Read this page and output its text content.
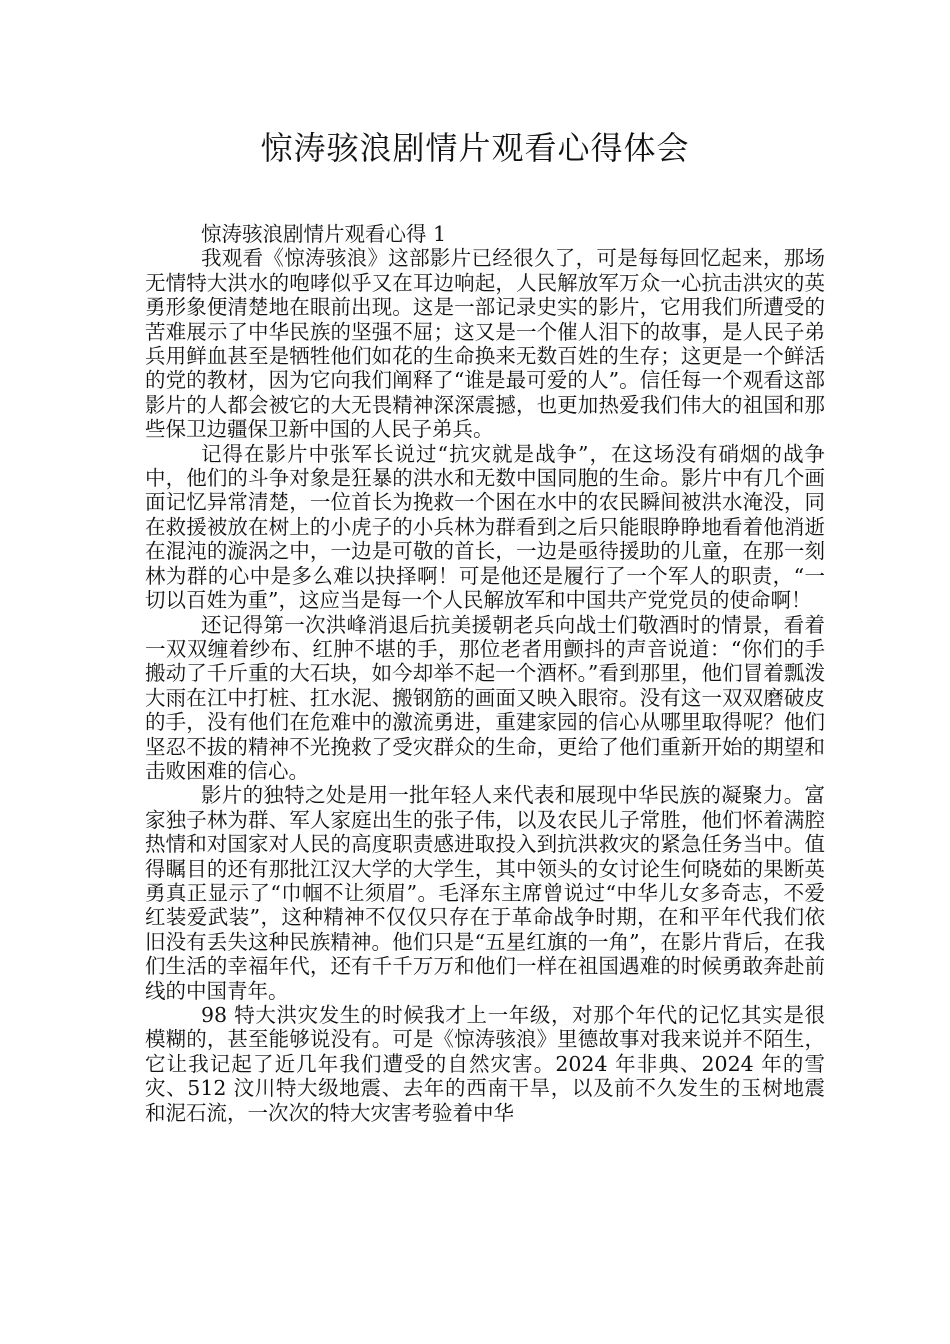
惊涛骇浪剧情片观看心得体会

惊涛骇浪剧情片观看心得 1

我观看《惊涛骇浪》这部影片已经很久了，可是每每回忆起来，那场无情特大洪水的咆哮似乎又在耳边响起，人民解放军万众一心抗击洪灾的英勇形象便清楚地在眼前出现。这是一部记录史实的影片，它用我们所遭受的苦难展示了中华民族的坚强不屈；这又是一个催人泪下的故事，是人民子弟兵用鲜血甚至是牺牲他们如花的生命换来无数百姓的生存；这更是一个鲜活的党的教材，因为它向我们阐释了“谁是最可爱的人”。信任每一个观看这部影片的人都会被它的大无畏精神深深震撼，也更加热爱我们伟大的祖国和那些保卫边疆保卫新中国的人民子弟兵。

记得在影片中张军长说过“抗灾就是战争”，在这场没有硝烟的战争中，他们的斗争对象是狂暴的洪水和无数中国同胞的生命。影片中有几个画面记忆异常清楚，一位首长为挽救一个困在水中的农民瞬间被洪水淹没，同在救援被放在树上的小虎子的小兵林为群看到之后只能眼睁睁地看着他消逝在混沌的漩涡之中，一边是可敬的首长，一边是亟待援助的儿童，在那一刻林为群的心中是多么难以抉择啊！可是他还是履行了一个军人的职责，“一切以百姓为重”，这应当是每一个人民解放军和中国共产党党员的使命啊！

还记得第一次洪峰消退后抗美援朝老兵向战士们敬酒时的情景，看着一双双缠着纱布、红肿不堪的手，那位老者用颤抖的声音说道：“你们的手搬动了千斤重的大石块，如今却举不起一个酒杯。”看到那里，他们冒着瓢泼大雨在江中打桩、扛水泥、搬钢筋的画面又映入眼帘。没有这一双双磨破皮的手，没有他们在危难中的激流勇进，重建家园的信心从哪里取得呢？他们坚忍不拔的精神不光挽救了受灾群众的生命，更给了他们重新开始的期望和击败困难的信心。

影片的独特之处是用一批年轻人来代表和展现中华民族的凝聚力。富家独子林为群、军人家庭出生的张子伟，以及农民儿子常胜，他们怀着满腔热情和对国家对人民的高度职责感进取投入到抗洪救灾的紧急任务当中。值得瞩目的还有那批江汉大学的大学生，其中领头的女讨论生何晓茹的果断英勇真正显示了“巾帼不让须眉”。毛泽东主席曾说过“中华儿女多奇志，不爱红装爱武装”，这种精神不仅仅只存在于革命战争时期，在和平年代我们依旧没有丢失这种民族精神。他们只是“五星红旗的一角”，在影片背后，在我们生活的幸福年代，还有千千万万和他们一样在祖国遇难的时候勇敢奔赴前线的中国青年。

98 特大洪灾发生的时候我才上一年级，对那个年代的记忆其实是很模糊的，甚至能够说没有。可是《惊涛骇浪》里德故事对我来说并不陌生，它让我记起了近几年我们遭受的自然灾害。2024 年非典、2024 年的雪灾、512 汶川特大级地震、去年的西南干旱，以及前不久发生的玉树地震和泥石流，一次次的特大灾害考验着中华
